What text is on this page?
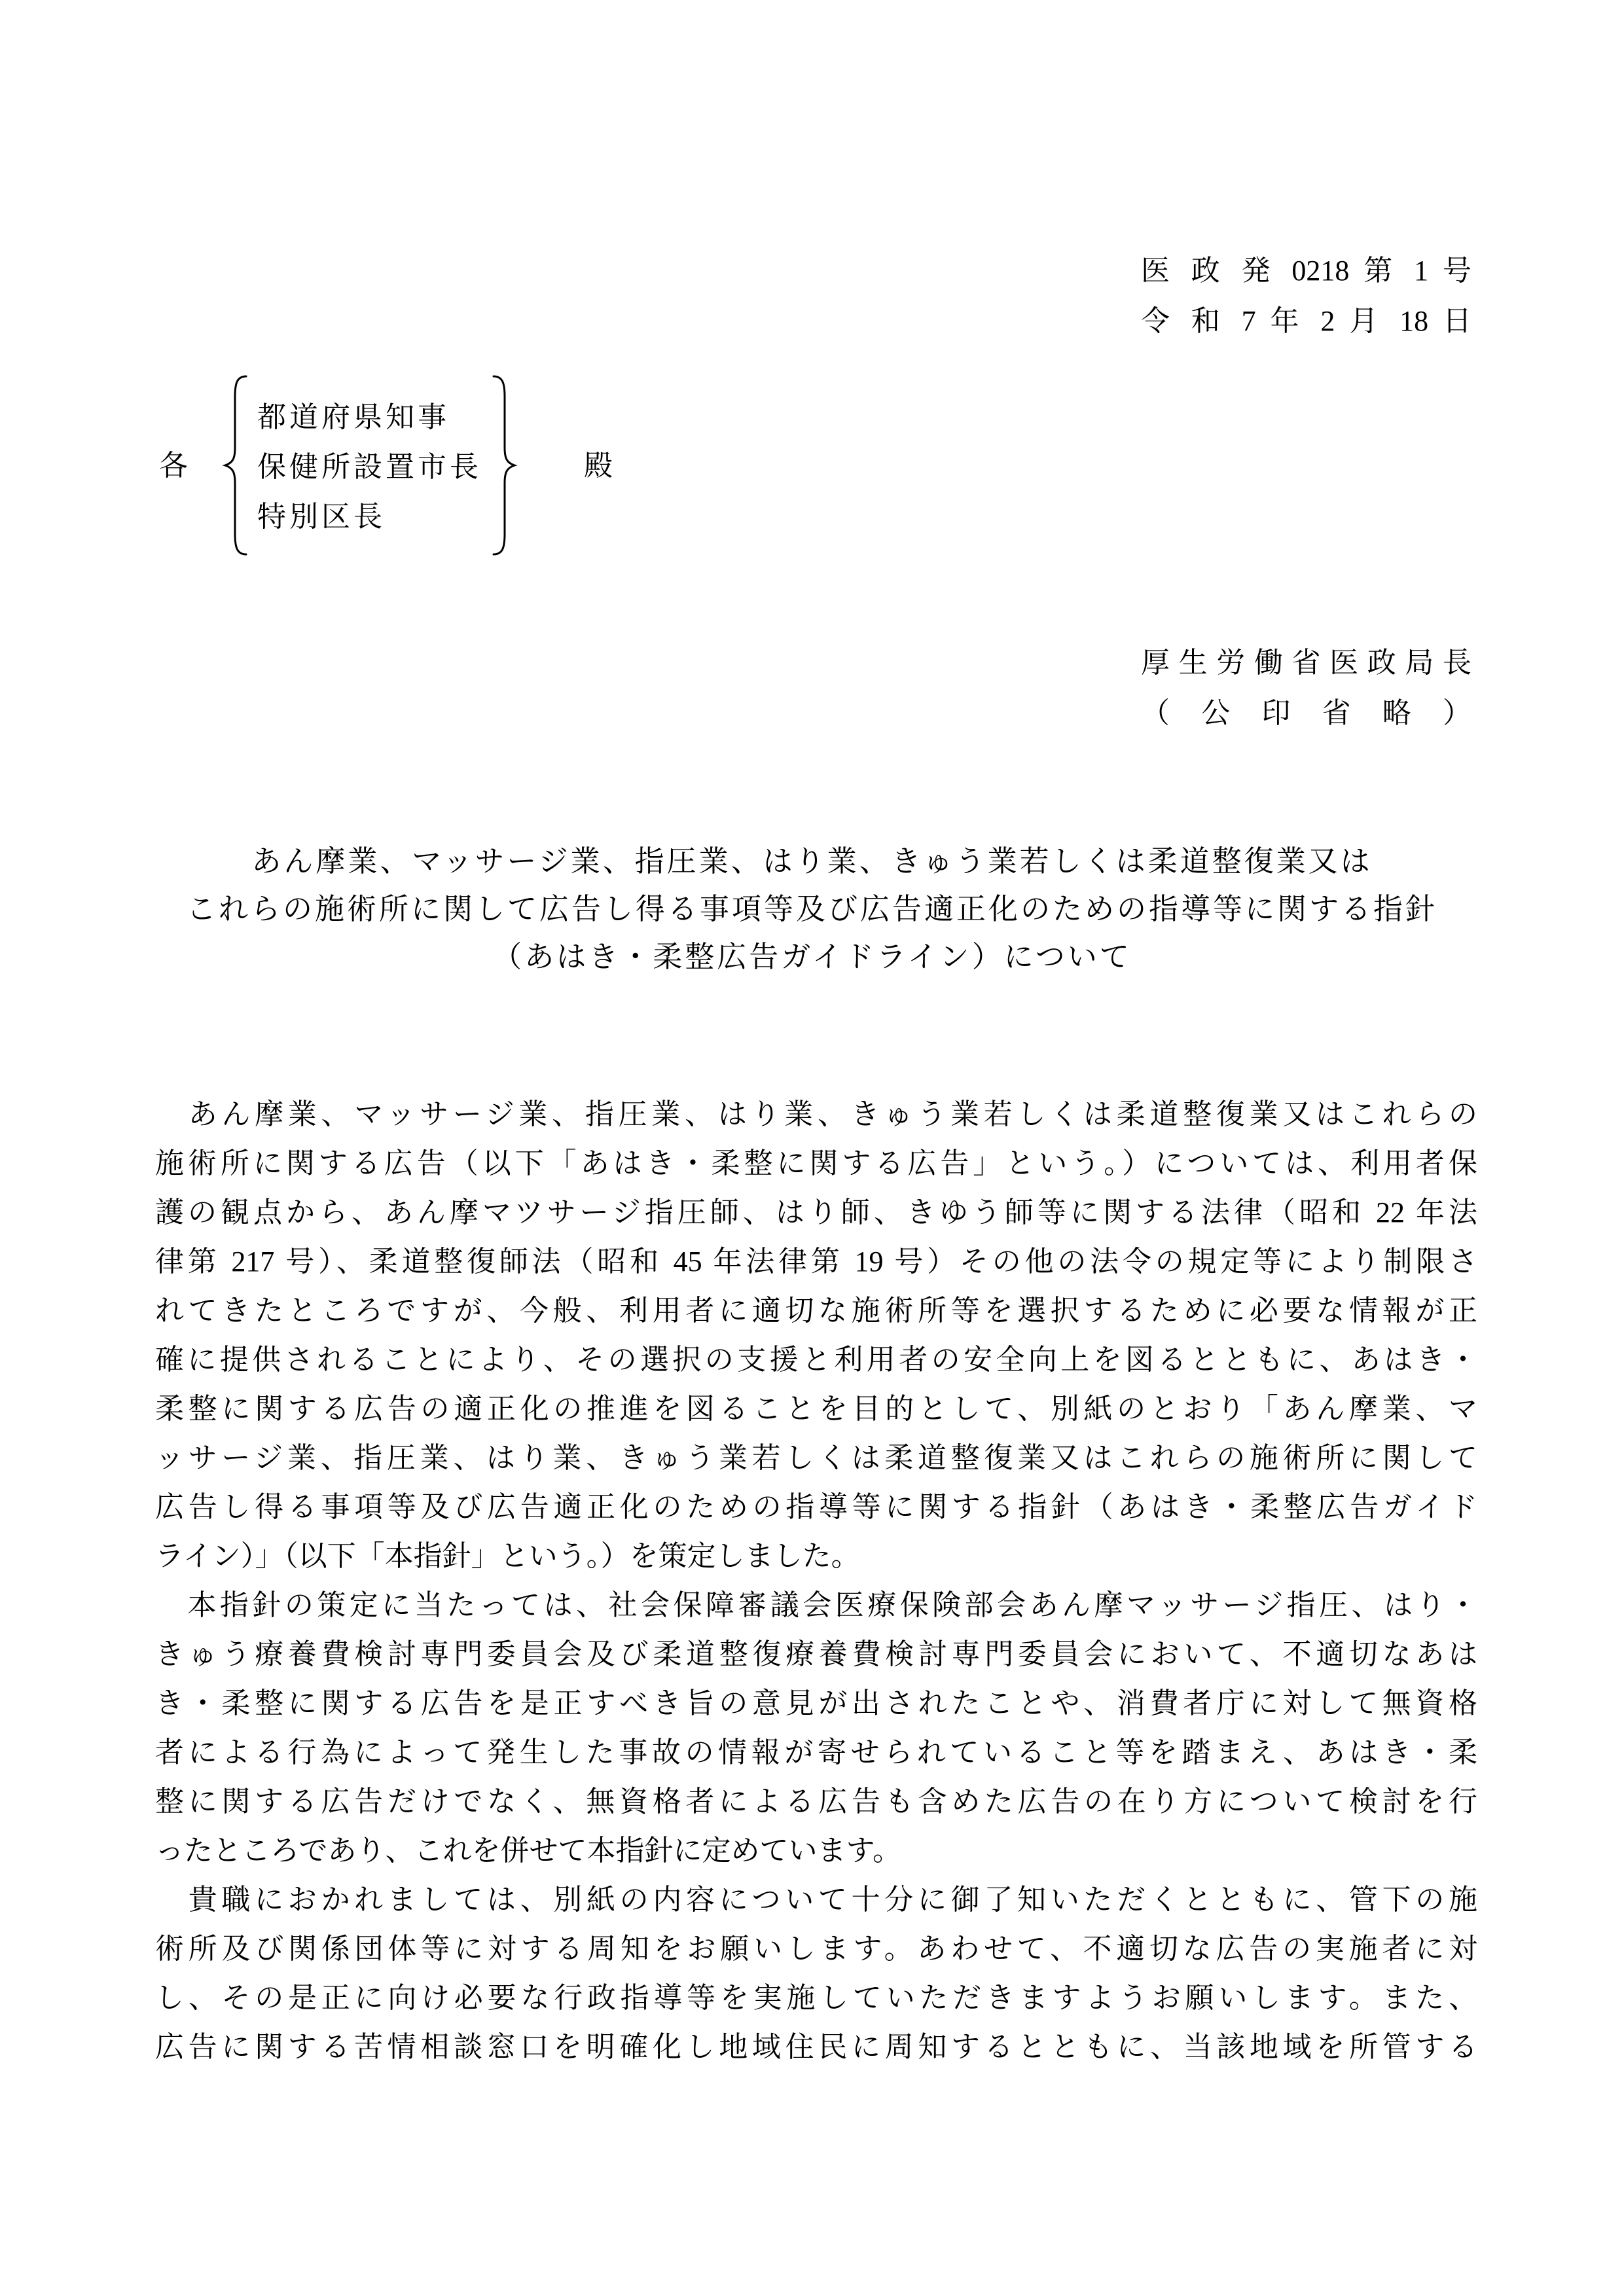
医 政 発 0218 第 1 号
令 和 7 年 2 月 18 日
各
都道府県知事
保健所設置市長
特別区長
殿
厚生労働省医政局長
（ 公 印 省 略 ）
あん摩業、マッサージ業、指圧業、はり業、きゅう業若しくは柔道整復業又は
これらの施術所に関して広告し得る事項等及び広告適正化のための指導等に関する指針
（あはき・柔整広告ガイドライン）について
　あん摩業、マッサージ業、指圧業、はり業、きゅう業若しくは柔道整復業又はこれらの
施術所に関する広告（以下「あはき・柔整に関する広告」という。）については、利用者保
護の観点から、あん摩マツサージ指圧師、はり師、きゆう師等に関する法律（昭和 22 年法
律第 217 号）、柔道整復師法（昭和 45 年法律第 19 号）その他の法令の規定等により制限さ
れてきたところですが、今般、利用者に適切な施術所等を選択するために必要な情報が正
確に提供されることにより、その選択の支援と利用者の安全向上を図るとともに、あはき・
柔整に関する広告の適正化の推進を図ることを目的として、別紙のとおり「あん摩業、マ
ッサージ業、指圧業、はり業、きゅう業若しくは柔道整復業又はこれらの施術所に関して
広告し得る事項等及び広告適正化のための指導等に関する指針（あはき・柔整広告ガイド
ライン）」（以下「本指針」という。）を策定しました。
　本指針の策定に当たっては、社会保障審議会医療保険部会あん摩マッサージ指圧、はり・
きゅう療養費検討専門委員会及び柔道整復療養費検討専門委員会において、不適切なあは
き・柔整に関する広告を是正すべき旨の意見が出されたことや、消費者庁に対して無資格
者による行為によって発生した事故の情報が寄せられていること等を踏まえ、あはき・柔
整に関する広告だけでなく、無資格者による広告も含めた広告の在り方について検討を行
ったところであり、これを併せて本指針に定めています。
　貴職におかれましては、別紙の内容について十分に御了知いただくとともに、管下の施
術所及び関係団体等に対する周知をお願いします。あわせて、不適切な広告の実施者に対
し、その是正に向け必要な行政指導等を実施していただきますようお願いします。また、
広告に関する苦情相談窓口を明確化し地域住民に周知するとともに、当該地域を所管する
